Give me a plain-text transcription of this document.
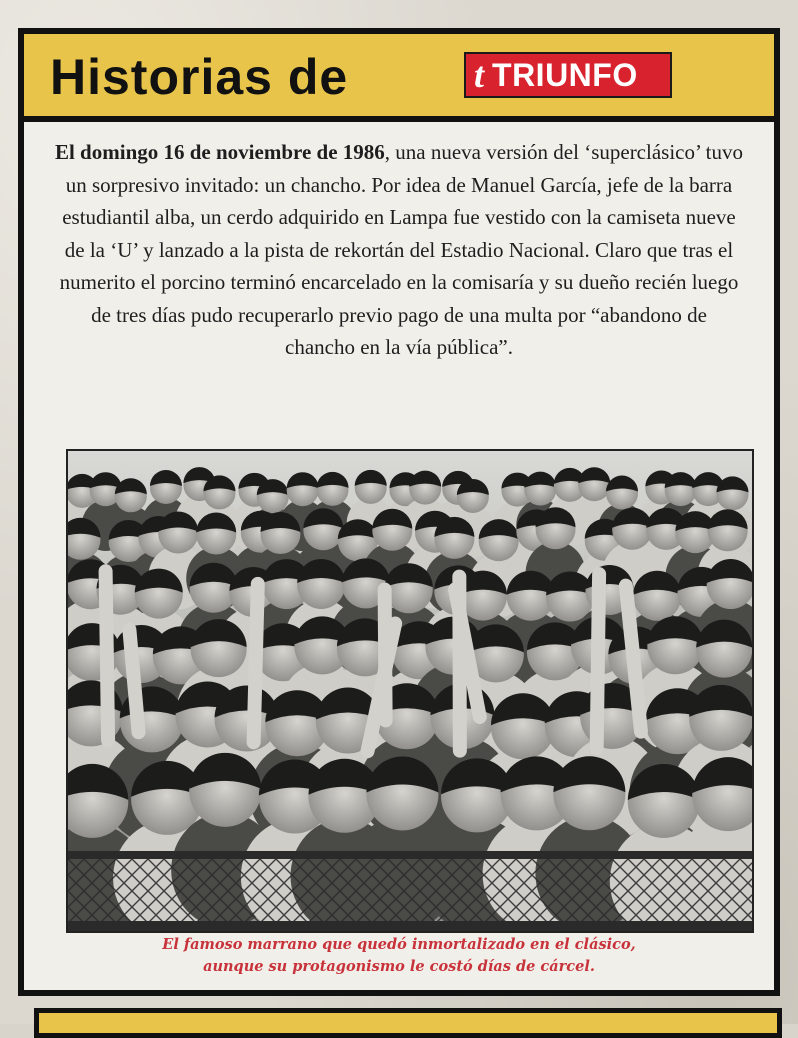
Historias de	t TRIUNFO
El domingo 16 de noviembre de 1986, una nueva versión del ‘superclásico’ tuvo un sorpresivo invitado: un chancho. Por idea de Manuel García, jefe de la barra estudiantil alba, un cerdo adquirido en Lampa fue vestido con la camiseta nueve de la ‘U’ y lanzado a la pista de rekortán del Estadio Nacional. Claro que tras el numerito el porcino terminó encarcelado en la comisaría y su dueño recién luego de tres días pudo recuperarlo previo pago de una multa por “abandono de chancho en la vía pública”.
El famoso marrano que quedó inmortalizado en el clásico,
aunque su protagonismo le costó días de cárcel.
